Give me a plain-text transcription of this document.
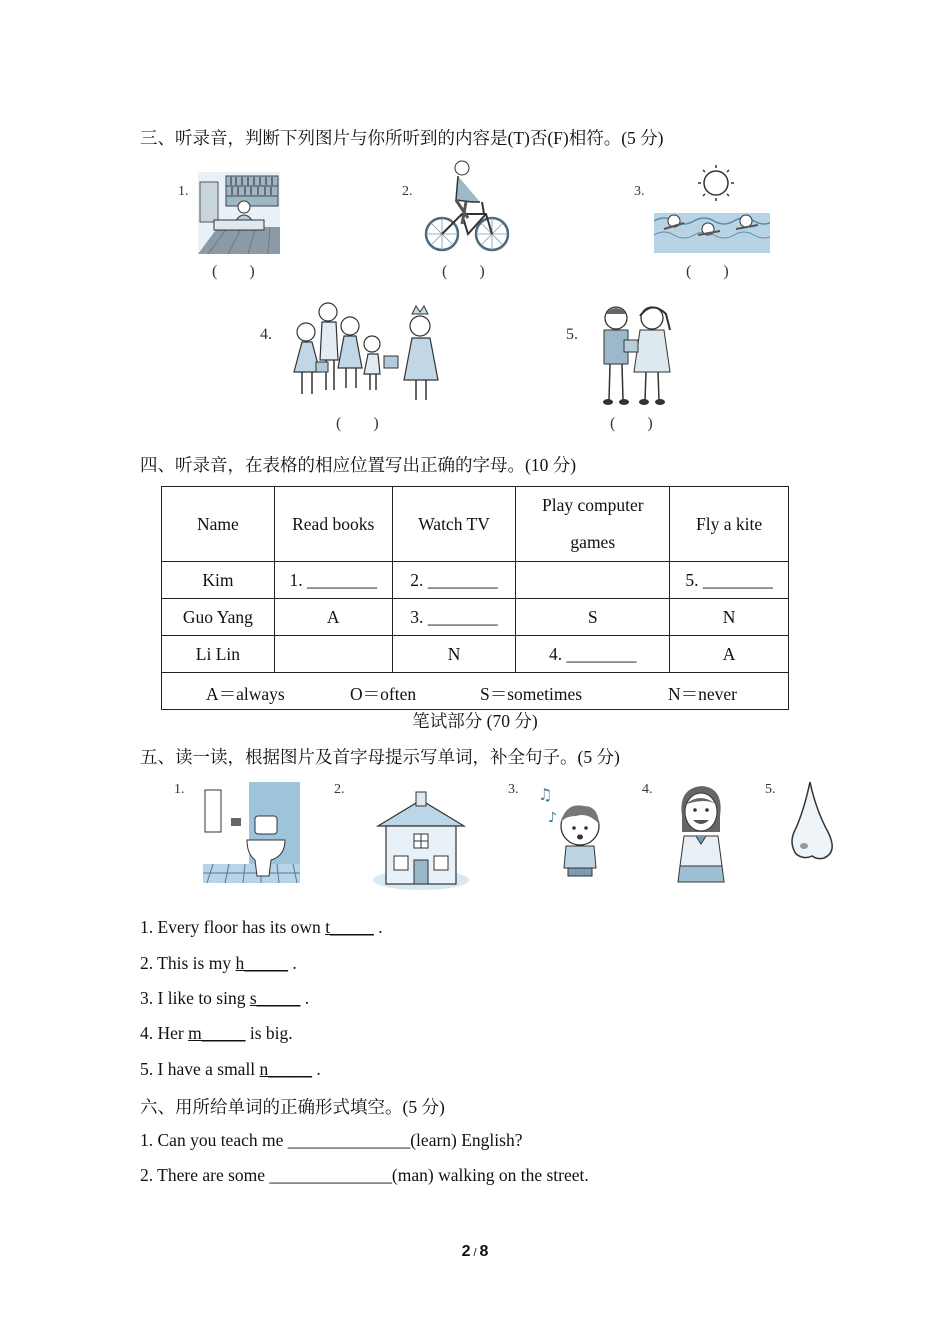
三、听录音，判断下列图片与你所听到的内容是(T)否(F)相符。(5 分)
1.
(　　)
2.
(　　)
3.
(　　)
4.
(　　)
5.
(　　)
四、听录音，在表格的相应位置写出正确的字母。(10 分)
Name	Read books	Watch TV	Play computer
games	Fly a kite
Kim	1. ________	2. ________		5. ________
Guo Yang	A	3. ________	S	N
Li Lin		N	4. ________	A

A＝always O＝often S＝sometimes N＝never				
笔试部分 (70 分)
五、读一读，根据图片及首字母提示写单词，补全句子。(5 分)
1.	2.	3. ♫
♪
4.	5.
1. Every floor has its own t_____ .
2. This is my h_____ .
3. I like to sing s_____ .
4. Her m_____ is big.
5. I have a small n_____ .
六、用所给单词的正确形式填空。(5 分)
1. Can you teach me ______________(learn) English?
2. There are some ______________(man) walking on the street.
2 / 8
